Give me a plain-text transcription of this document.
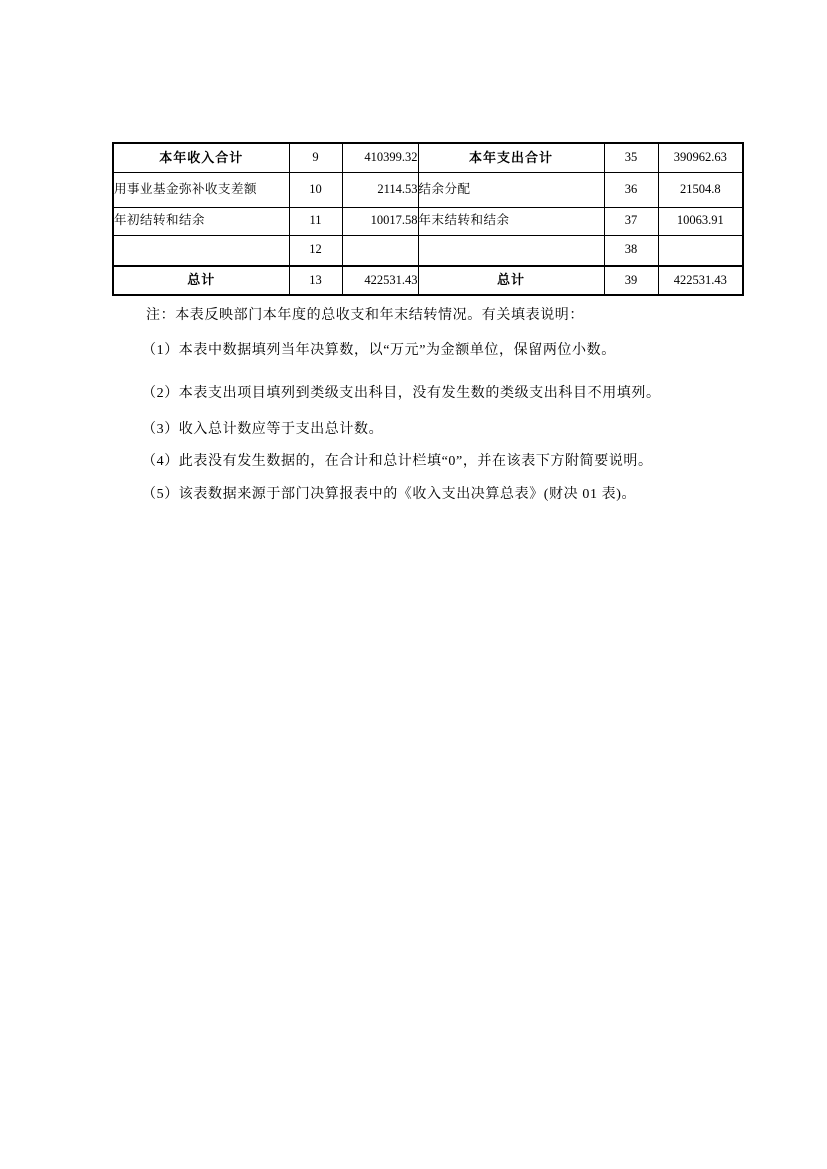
本年收入合计	9	410399.32	本年支出合计	35	390962.63
用事业基金弥补收支差额	10	2114.53	结余分配	36	21504.8
年初结转和结余	11	10017.58	年末结转和结余	37	10063.91
	12			38	
总计	13	422531.43	总计	39	422531.43
注：本表反映部门本年度的总收支和年末结转情况。有关填表说明：
（1）本表中数据填列当年决算数，以“万元”为金额单位，保留两位小数。
（2）本表支出项目填列到类级支出科目，没有发生数的类级支出科目不用填列。
（3）收入总计数应等于支出总计数。
（4）此表没有发生数据的，在合计和总计栏填“0”，并在该表下方附简要说明。
（5）该表数据来源于部门决算报表中的《收入支出决算总表》(财决 01 表)。
